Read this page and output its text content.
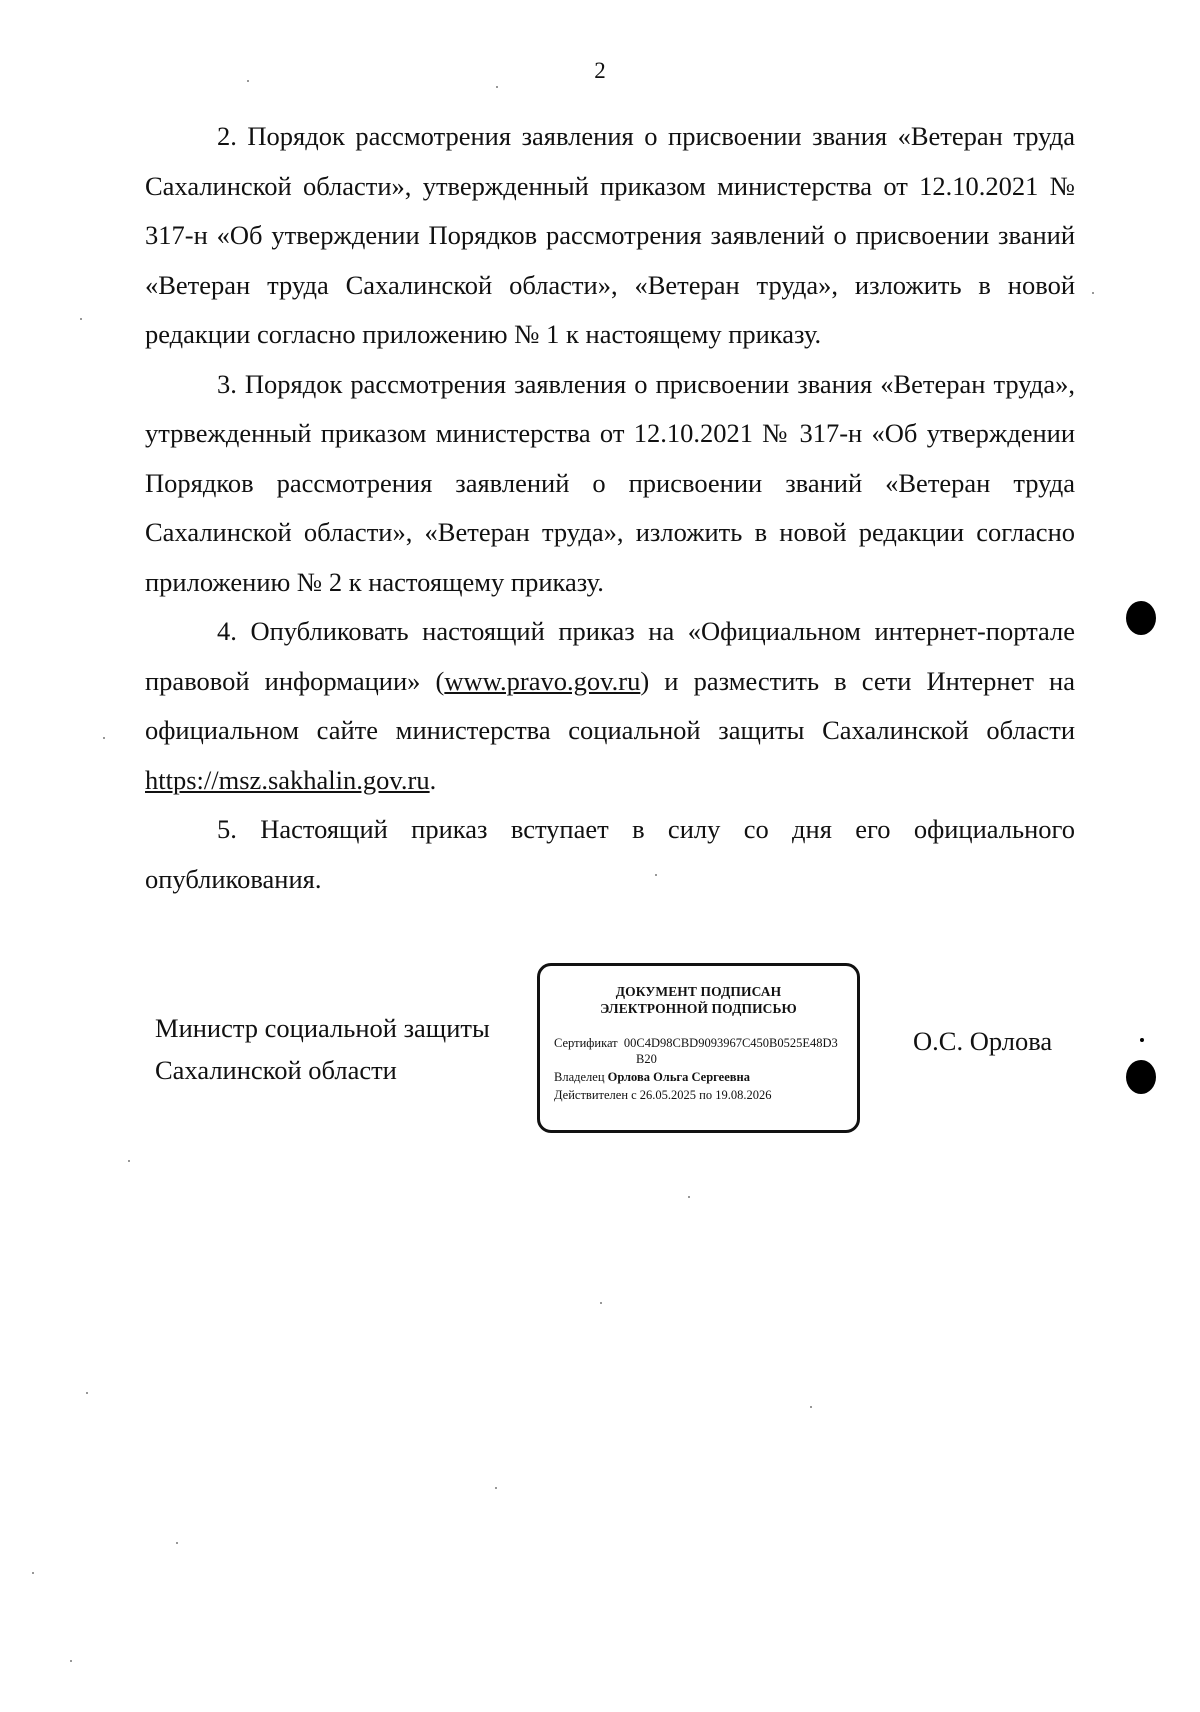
2

2. Порядок рассмотрения заявления о присвоении звания «Ветеран труда Сахалинской области», утвержденный приказом министерства от 12.10.2021 № 317-н «Об утверждении Порядков рассмотрения заявлений о присвоении званий «Ветеран труда Сахалинской области», «Ветеран труда», изложить в новой редакции согласно приложению № 1 к настоящему приказу.

3. Порядок рассмотрения заявления о присвоении звания «Ветеран труда», утрвежденный приказом министерства от 12.10.2021 № 317-н «Об утверждении Порядков рассмотрения заявлений о присвоении званий «Ветеран труда Сахалинской области», «Ветеран труда», изложить в новой редакции согласно приложению № 2 к настоящему приказу.

4. Опубликовать настоящий приказ на «Официальном интернет-портале правовой информации» (www.pravo.gov.ru) и разместить в сети Интернет на официальном сайте министерства социальной защиты Сахалинской области https://msz.sakhalin.gov.ru.

5. Настоящий приказ вступает в силу со дня его официального опубликования.

Министр социальной защиты
Сахалинской области
ДОКУМЕНТ ПОДПИСАН
ЭЛЕКТРОННОЙ ПОДПИСЬЮ
Сертификат 00C4D98CBD9093967C450B0525E48D3
B20
Владелец Орлова Ольга Сергеевна
Действителен с 26.05.2025 по 19.08.2026
О.С. Орлова
